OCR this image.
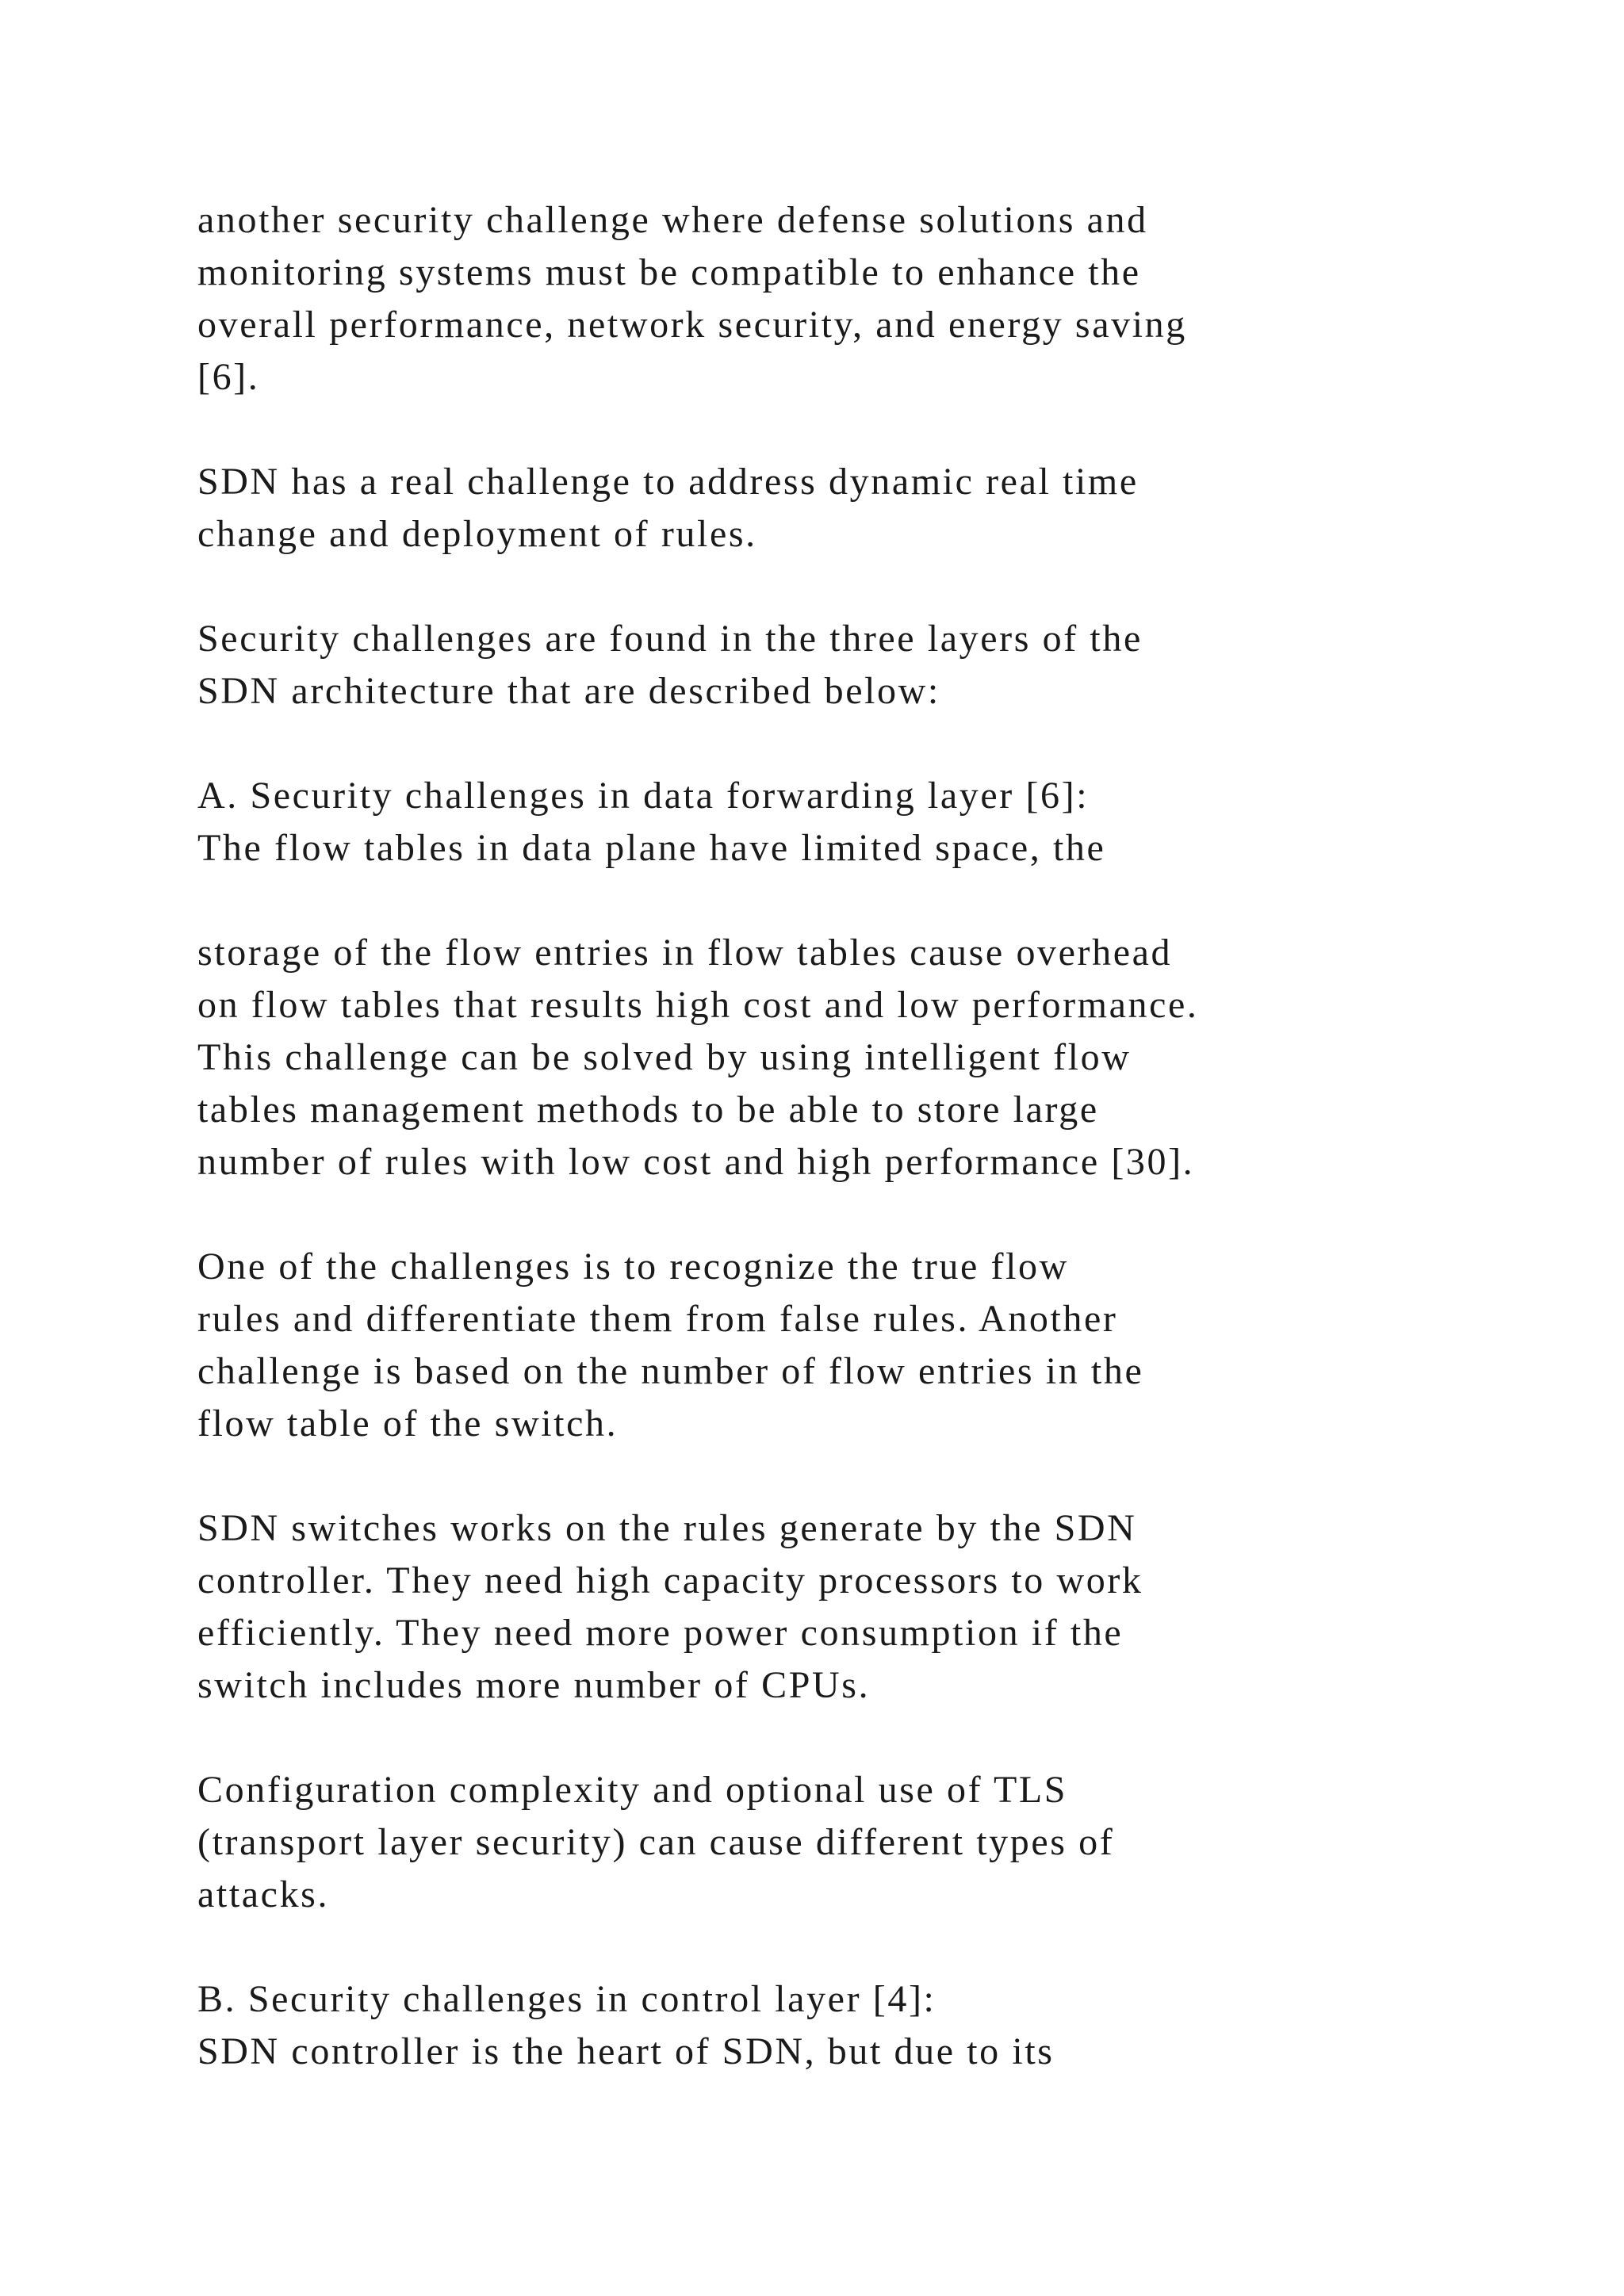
another security challenge where defense solutions and
monitoring systems must be compatible to enhance the
overall performance, network security, and energy saving
[6].
SDN has a real challenge to address dynamic real time
change and deployment of rules.
Security challenges are found in the three layers of the
SDN architecture that are described below:
A. Security challenges in data forwarding layer [6]:
The flow tables in data plane have limited space, the
storage of the flow entries in flow tables cause overhead
on flow tables that results high cost and low performance.
This challenge can be solved by using intelligent flow
tables management methods to be able to store large
number of rules with low cost and high performance [30].
One of the challenges is to recognize the true flow
rules and differentiate them from false rules. Another
challenge is based on the number of flow entries in the
flow table of the switch.
SDN switches works on the rules generate by the SDN
controller. They need high capacity processors to work
efficiently. They need more power consumption if the
switch includes more number of CPUs.
Configuration complexity and optional use of TLS
(transport layer security) can cause different types of
attacks.
B. Security challenges in control layer [4]:
SDN controller is the heart of SDN, but due to its
